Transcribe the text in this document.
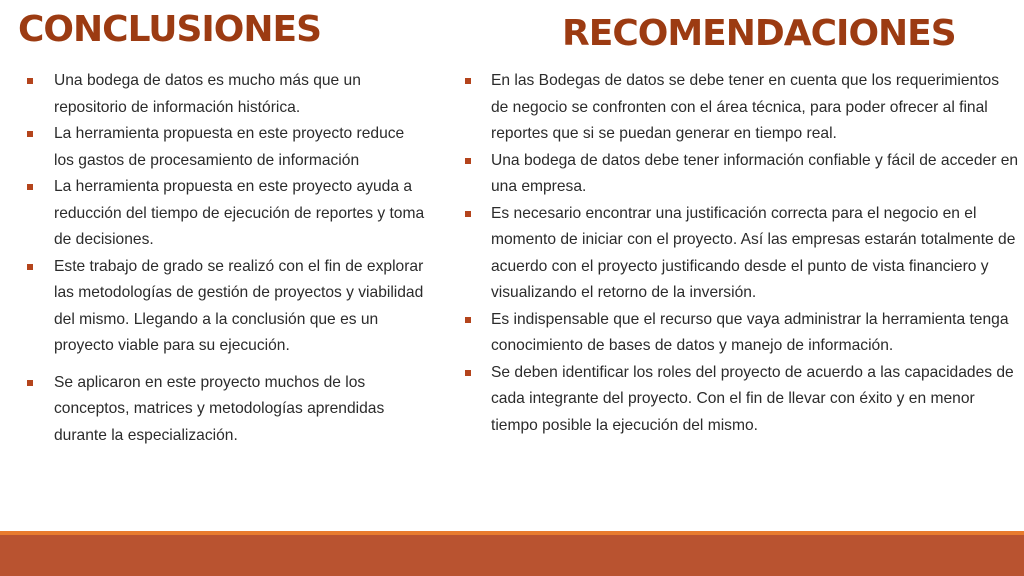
CONCLUSIONES	RECOMENDACIONES
Una bodega de datos es mucho más que un repositorio de información histórica.
La herramienta propuesta en este proyecto reduce los gastos de procesamiento de información
La herramienta propuesta en este proyecto ayuda a reducción del tiempo de ejecución de reportes y toma de decisiones.
Este trabajo de grado se realizó con el fin de explorar las metodologías de gestión de proyectos y viabilidad del mismo. Llegando a la conclusión que es un proyecto viable para su ejecución.
Se aplicaron en este proyecto muchos de los conceptos, matrices y metodologías aprendidas durante la especialización.
En las Bodegas de datos se debe tener en cuenta que los requerimientos de negocio se confronten con el área técnica, para poder ofrecer al final reportes que si se puedan generar en tiempo real.
Una bodega de datos debe tener información confiable y fácil de acceder en una empresa.
Es necesario encontrar una justificación correcta para el negocio en el momento de iniciar con el proyecto. Así las empresas estarán totalmente de acuerdo con el proyecto justificando desde el punto de vista financiero y visualizando el retorno de la inversión.
Es indispensable que el recurso que vaya administrar la herramienta tenga conocimiento de bases de datos y manejo de información.
Se deben identificar los roles del proyecto de acuerdo a las capacidades de cada integrante del proyecto. Con el fin de llevar con éxito y en menor tiempo posible la ejecución del mismo.
